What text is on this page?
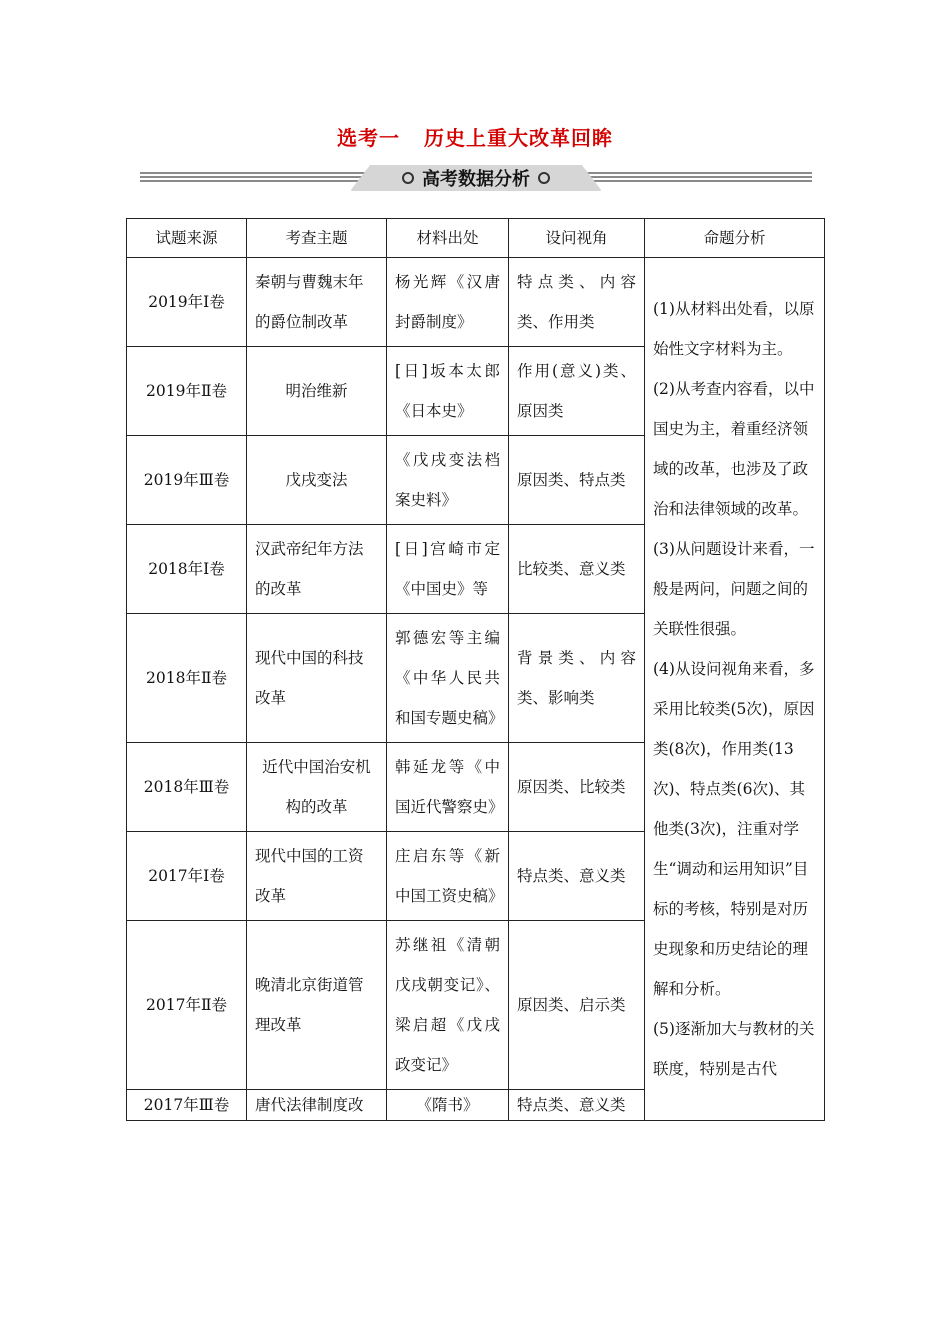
选考一 历史上重大改革回眸
高考数据分析
试题来源	考查主题	材料出处	设问视角	命题分析
2019年Ⅰ卷	秦朝与曹魏末年的爵位制改革	杨光辉《汉唐封爵制度》	特点类、内容类、作用类	(1)从材料出处看，以原始性文字材料为主。
(2)从考查内容看，以中国史为主，着重经济领域的改革，也涉及了政治和法律领域的改革。
(3)从问题设计来看，一般是两问，问题之间的关联性很强。
(4)从设问视角来看，多采用比较类(5次)，原因类(8次)，作用类(13次)、特点类(6次)、其他类(3次)，注重对学生“调动和运用知识”目标的考核，特别是对历史现象和历史结论的理解和分析。
(5)逐渐加大与教材的关联度，特别是古代

2019年Ⅱ卷	明治维新	[日]坂本太郎《日本史》	作用(意义)类、原因类	
2019年Ⅲ卷	戊戌变法	《戊戌变法档案史料》	原因类、特点类	
2018年Ⅰ卷	汉武帝纪年方法的改革	[日]宫崎市定《中国史》等	比较类、意义类	
2018年Ⅱ卷	现代中国的科技改革	郭德宏等主编《中华人民共和国专题史稿》	背景类、内容类、影响类	
2018年Ⅲ卷	近代中国治安机构的改革	韩延龙等《中国近代警察史》	原因类、比较类	
2017年Ⅰ卷	现代中国的工资改革	庄启东等《新中国工资史稿》	特点类、意义类	
2017年Ⅱ卷	晚清北京街道管理改革	苏继祖《清朝戊戌朝变记》、梁启超《戊戌政变记》	原因类、启示类	
2017年Ⅲ卷	唐代法律制度改	《隋书》	特点类、意义类	
